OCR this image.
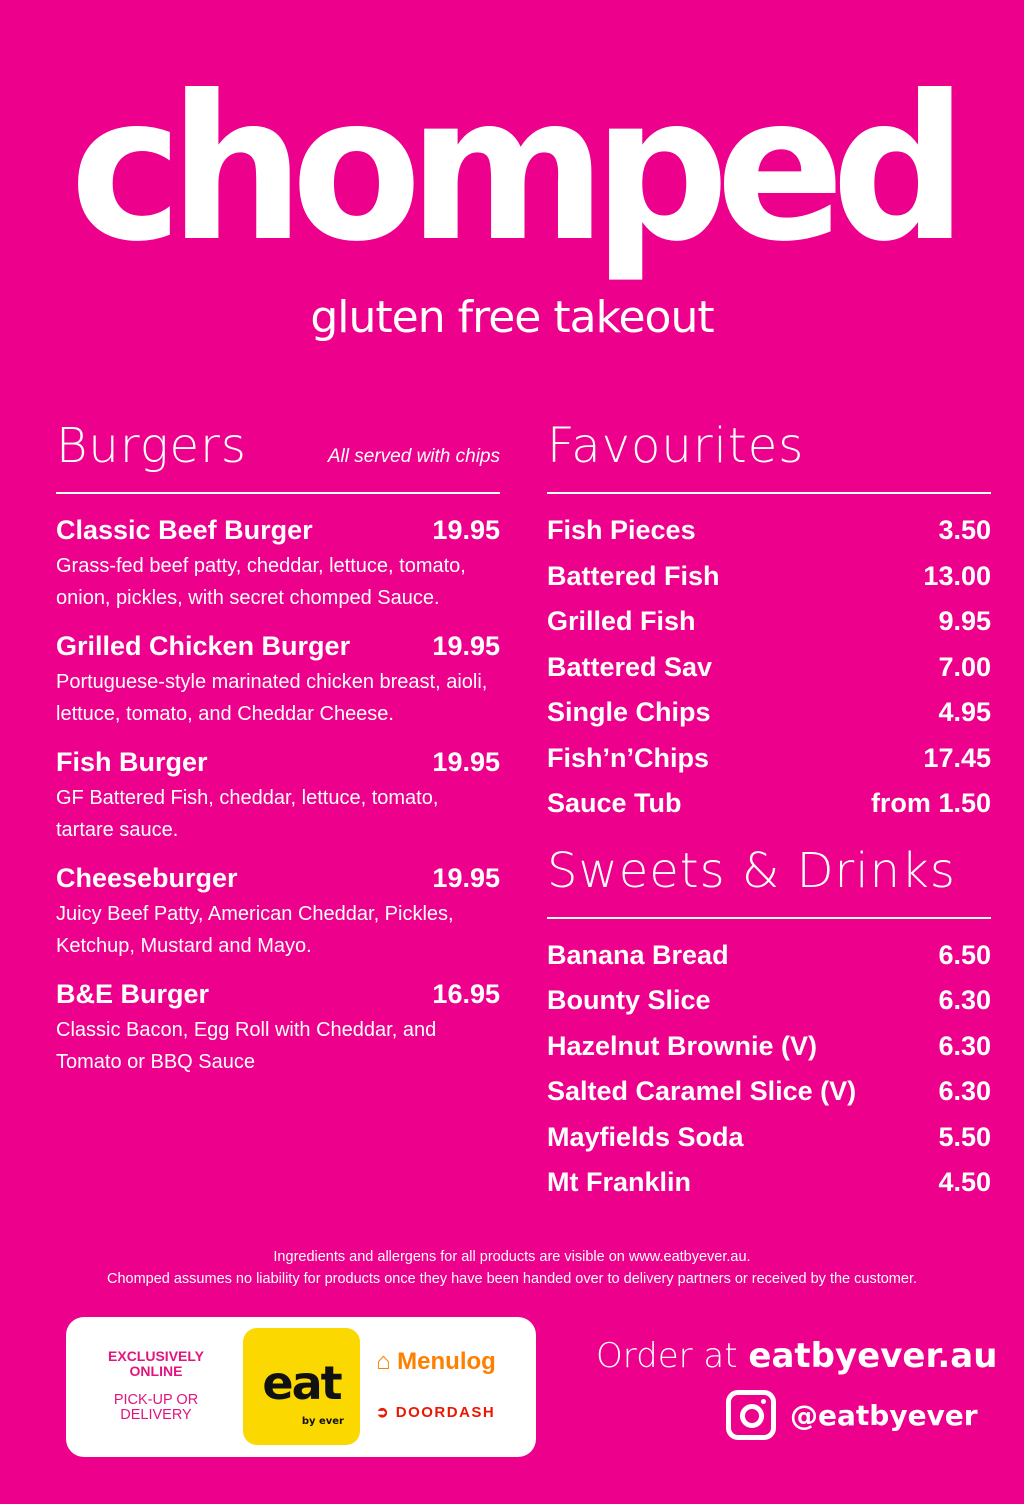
chomped
gluten free takeout
Burgers	All served with chips
Classic Beef Burger	19.95
Grass-fed beef patty, cheddar, lettuce, tomato, onion, pickles, with secret chomped Sauce.
Grilled Chicken Burger	19.95
Portuguese-style marinated chicken breast, aioli, lettuce, tomato, and Cheddar Cheese.
Fish Burger	19.95
GF Battered Fish, cheddar, lettuce, tomato, tartare sauce.
Cheeseburger	19.95
Juicy Beef Patty, American Cheddar, Pickles, Ketchup, Mustard and Mayo.
B&E Burger	16.95
Classic Bacon, Egg Roll with Cheddar, and Tomato or BBQ Sauce
Favourites
Fish Pieces	3.50
Battered Fish	13.00
Grilled Fish	9.95
Battered Sav	7.00
Single Chips	4.95
Fish’n’Chips	17.45
Sauce Tub	from 1.50
Sweets & Drinks
Banana Bread	6.50
Bounty Slice	6.30
Hazelnut Brownie (V)	6.30
Salted Caramel Slice (V)	6.30
Mayfields Soda	5.50
Mt Franklin	4.50
Ingredients and allergens for all products are visible on www.eatbyever.au.
Chomped assumes no liability for products once they have been handed over to delivery partners or received by the customer.
EXCLUSIVELY ONLINE
PICK-UP OR DELIVERY
eat
by ever
⌂ Menulog
➲ DOORDASH
Order at eatbyever.au
@eatbyever
